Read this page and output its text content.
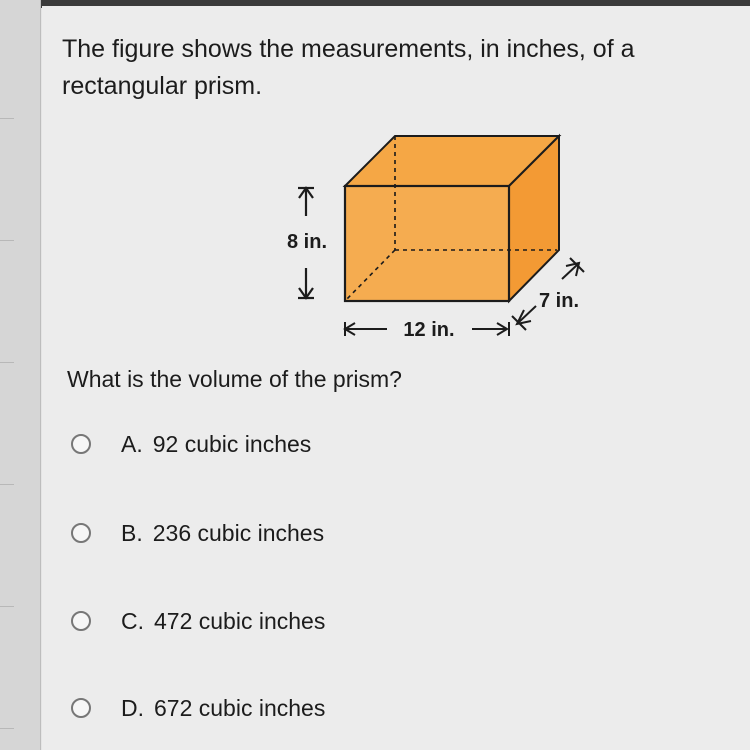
The figure shows the measurements, in inches, of a rectangular prism.

8 in.
12 in.
7 in.

What is the volume of the prism?

A. 92 cubic inches
B. 236 cubic inches
C. 472 cubic inches
D. 672 cubic inches
